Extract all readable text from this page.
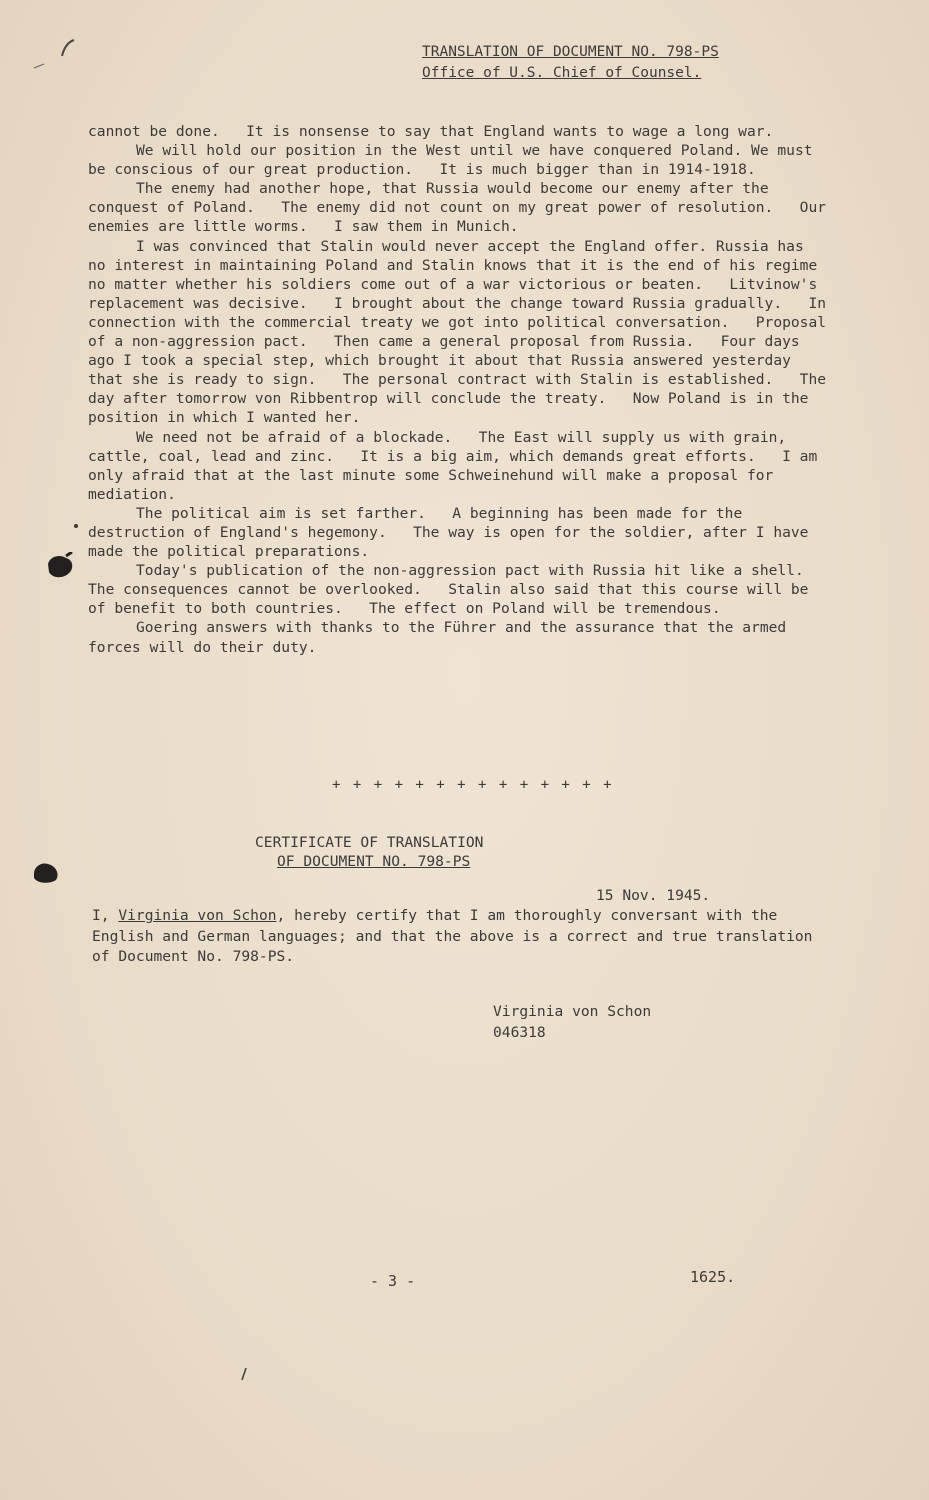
TRANSLATION OF DOCUMENT NO. 798-PS
Office of U.S. Chief of Counsel.

cannot be done.   It is nonsense to say that England wants to wage a long war.

We will hold our position in the West until we have conquered Poland. We must be conscious of our great production.   It is much bigger than in 1914-1918.

The enemy had another hope, that Russia would become our enemy after the conquest of Poland.   The enemy did not count on my great power of resolution.   Our enemies are little worms.   I saw them in Munich.

I was convinced that Stalin would never accept the England offer. Russia has no interest in maintaining Poland and Stalin knows that it is the end of his regime no matter whether his soldiers come out of a war victorious or beaten.   Litvinow's replacement was decisive.   I brought about the change toward Russia gradually.   In connection with the commercial treaty we got into political conversation.   Proposal of a non-aggression pact.   Then came a general proposal from Russia.   Four days ago I took a special step, which brought it about that Russia answered yesterday that she is ready to sign.   The personal contract with Stalin is established.   The day after tomorrow von Ribbentrop will conclude the treaty.   Now Poland is in the position in which I wanted her.

We need not be afraid of a blockade.   The East will supply us with grain, cattle, coal, lead and zinc.   It is a big aim, which demands great efforts.   I am only afraid that at the last minute some Schweinehund will make a proposal for mediation.

The political aim is set farther.   A beginning has been made for the destruction of England's hegemony.   The way is open for the soldier, after I have made the political preparations.

Today's publication of the non-aggression pact with Russia hit like a shell.   The consequences cannot be overlooked.   Stalin also said that this course will be of benefit to both countries.   The effect on Poland will be tremendous.

Goering answers with thanks to the Führer and the assurance that the armed forces will do their duty.

+ + + + + + + + + + + + + +
CERTIFICATE OF TRANSLATION
OF DOCUMENT NO. 798-PS
15 Nov. 1945.

I, Virginia von Schon, hereby certify that I am thoroughly conversant with the English and German languages; and that the above is a correct and true translation of Document No. 798-PS.

Virginia von Schon
046318
- 3 -	1625.
